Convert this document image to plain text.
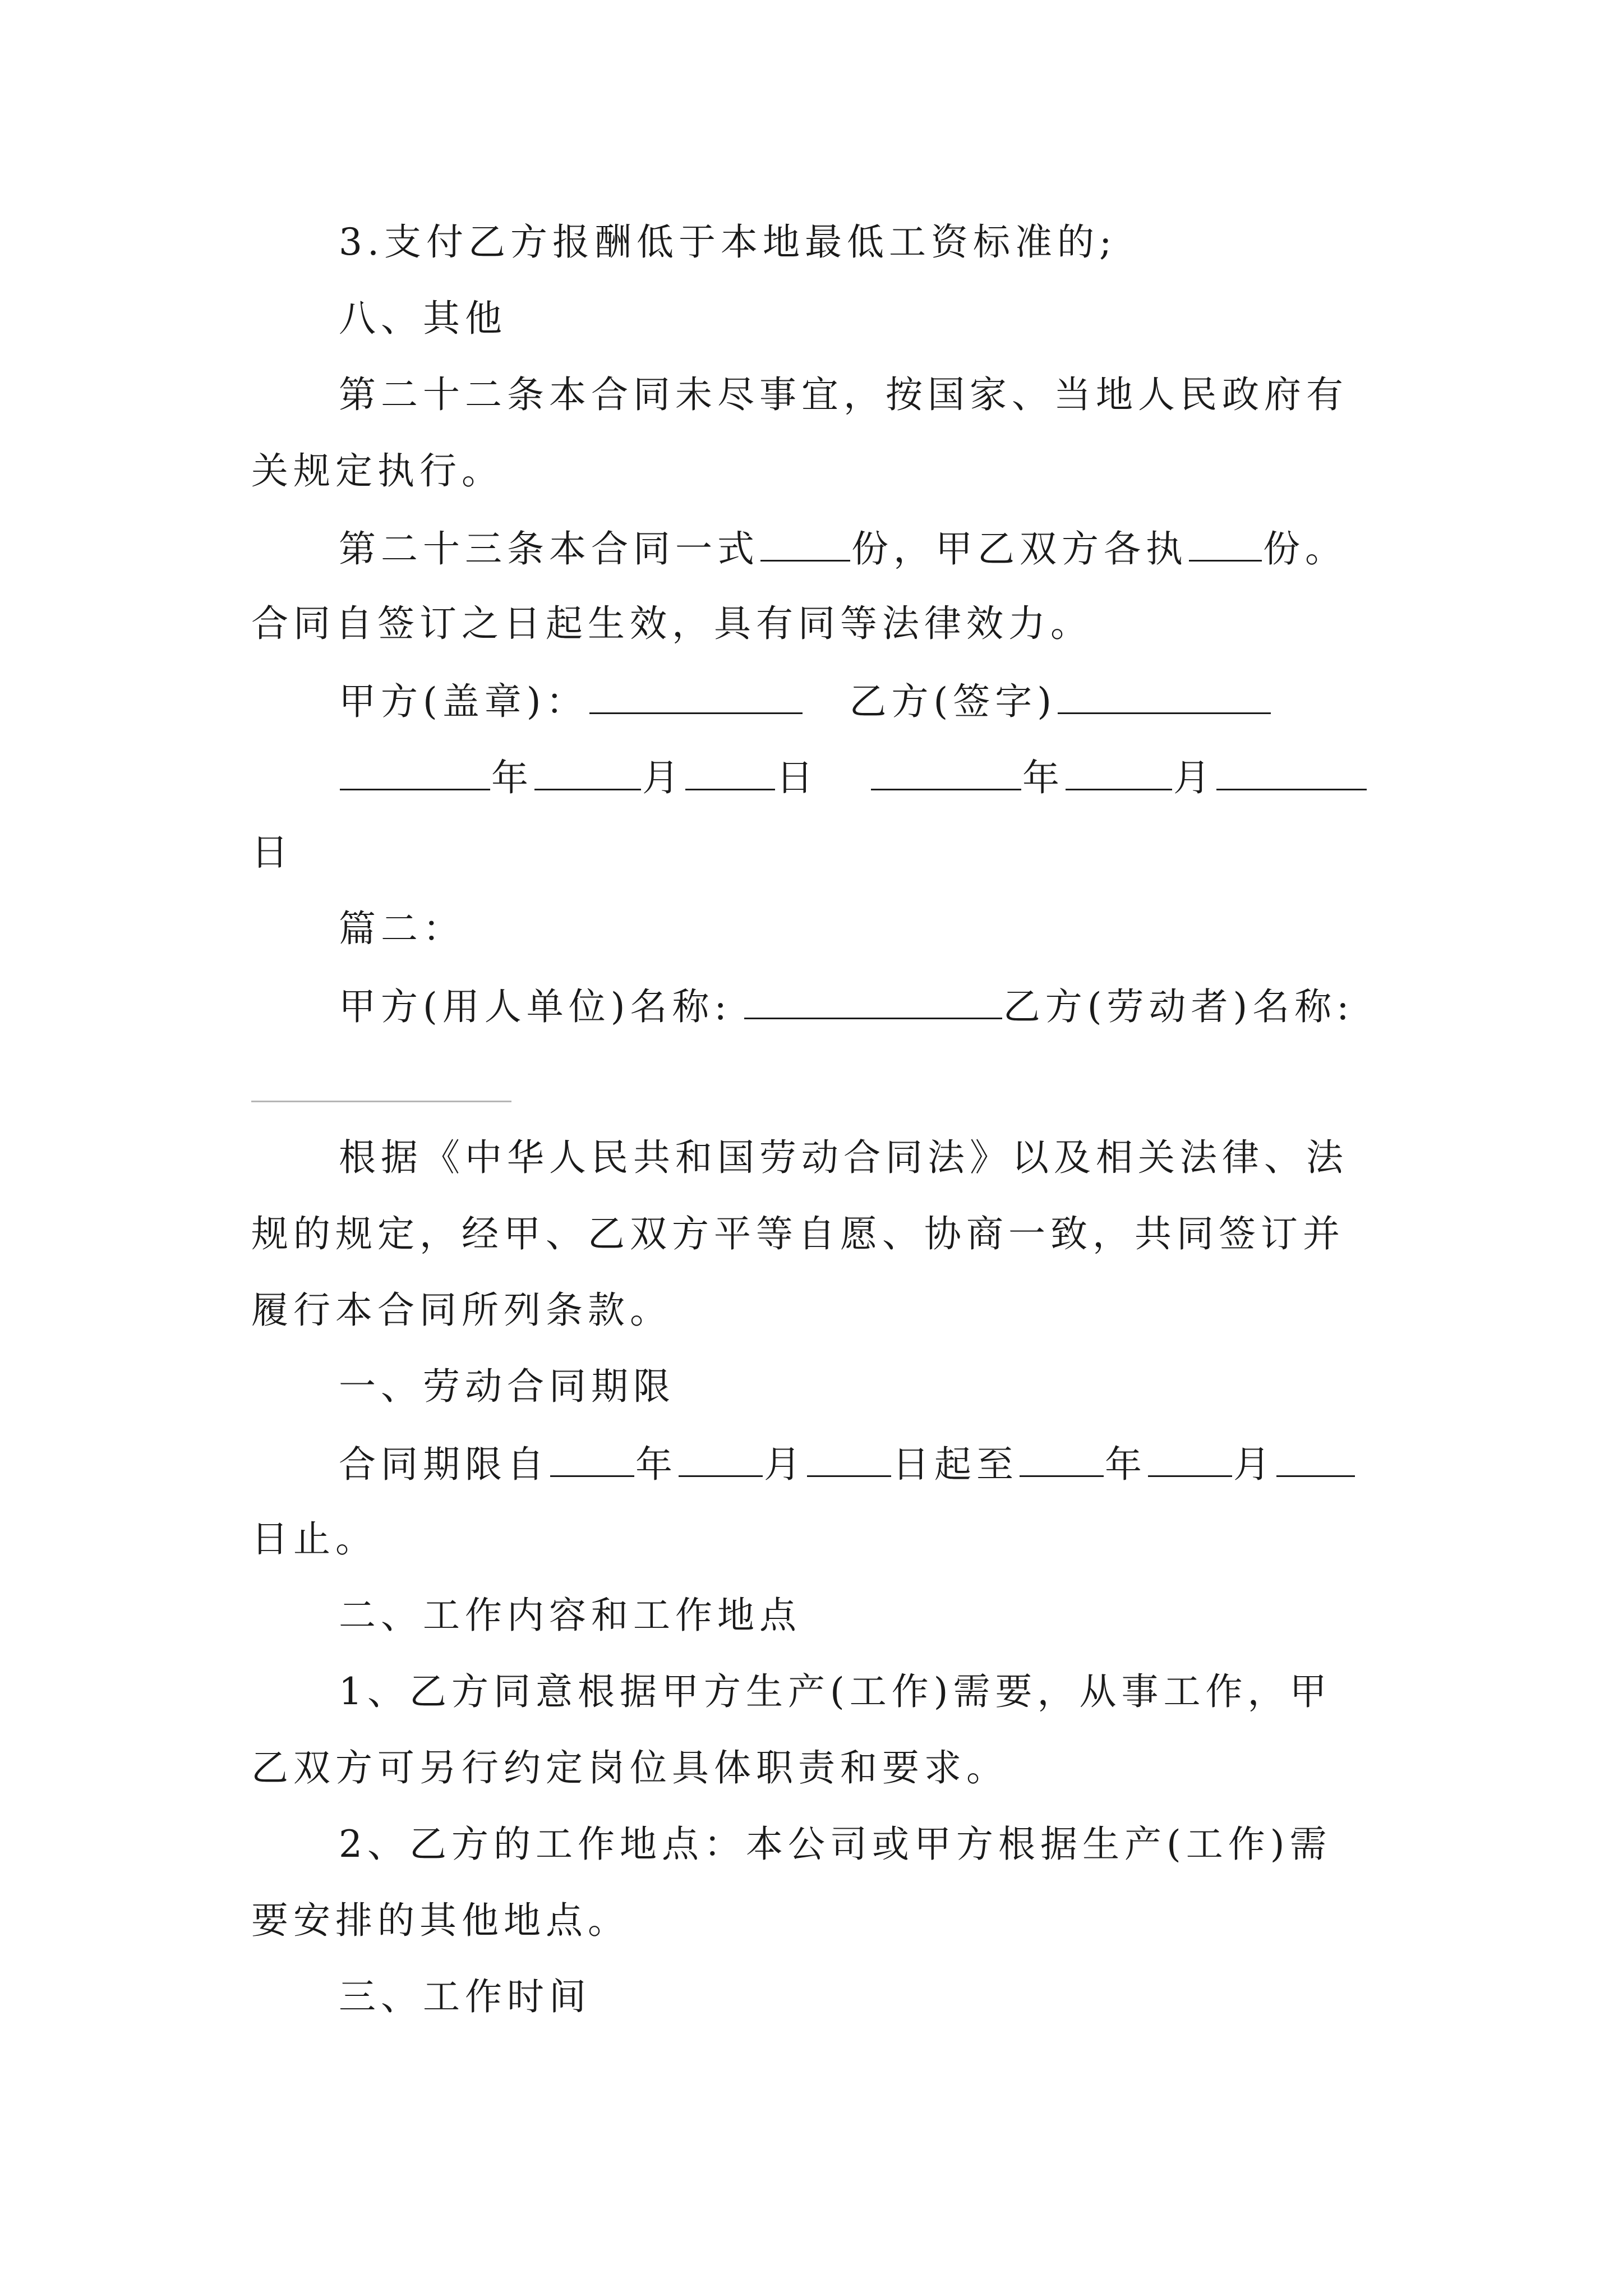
3.支付乙方报酬低于本地最低工资标准的;
八、其他
第二十二条本合同未尽事宜，按国家、当地人民政府有
关规定执行。
第二十三条本合同一式 份，甲乙双方各执 份。
合同自签订之日起生效，具有同等法律效力。
甲方(盖章)：	乙方(签字)
年	月 日	年	月
日
篇二：
甲方(用人单位)名称:	乙方(劳动者)名称:
根据《中华人民共和国劳动合同法》以及相关法律、法
规的规定，经甲、乙双方平等自愿、协商一致，共同签订并
履行本合同所列条款。
一、劳动合同期限
合同期限自 年 月 日起至 年 月
日止。
二、工作内容和工作地点
1、乙方同意根据甲方生产(工作)需要，从事工作，甲
乙双方可另行约定岗位具体职责和要求。
2、乙方的工作地点：本公司或甲方根据生产(工作)需
要安排的其他地点。
三、工作时间
